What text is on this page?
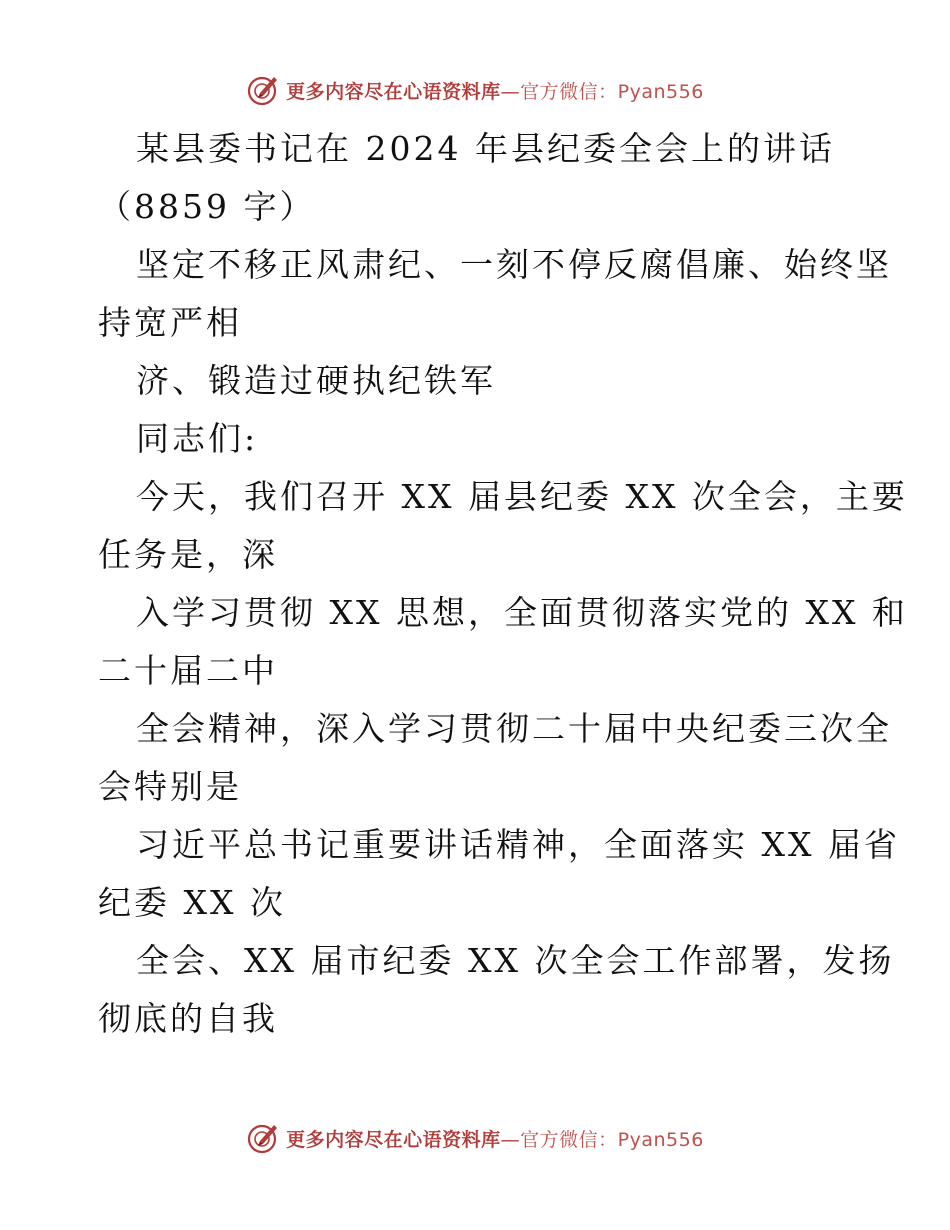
更多内容尽在心语资料库—官方微信：Pyan556
某县委书记在 2024 年县纪委全会上的讲话
（8859 字）
坚定不移正风肃纪、一刻不停反腐倡廉、始终坚
持宽严相
济、锻造过硬执纪铁军
同志们:
今天，我们召开 XX 届县纪委 XX 次全会，主要
任务是，深
入学习贯彻 XX 思想，全面贯彻落实党的 XX 和
二十届二中
全会精神，深入学习贯彻二十届中央纪委三次全
会特别是
习近平总书记重要讲话精神，全面落实 XX 届省
纪委 XX 次
全会、XX 届市纪委 XX 次全会工作部署，发扬
彻底的自我
更多内容尽在心语资料库—官方微信：Pyan556
